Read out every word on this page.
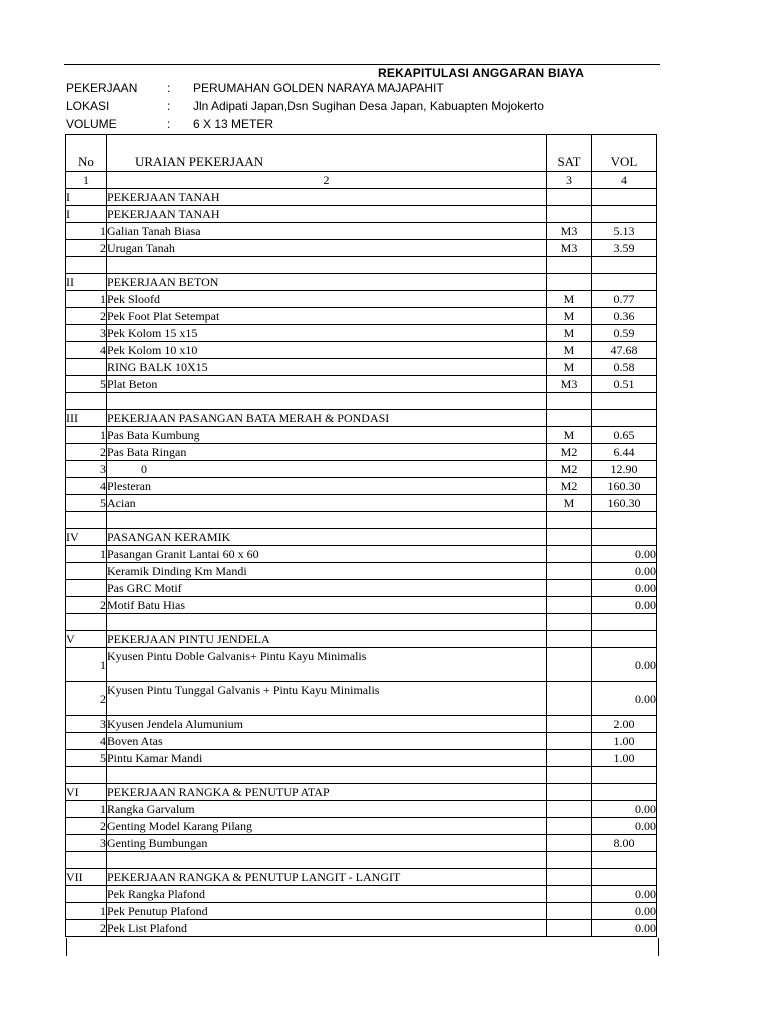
REKAPITULASI ANGGARAN BIAYA
PEKERJAAN : PERUMAHAN GOLDEN NARAYA MAJAPAHIT
LOKASI	: Jln Adipati Japan,Dsn Sugihan Desa Japan, Kabuapten Mojokerto
VOLUME	: 6 X 13 METER
No	URAIAN PEKERJAAN	SAT	VOL
1	2	3	4
I	PEKERJAAN TANAH		
I	PEKERJAAN TANAH		
1	Galian Tanah Biasa	M3	5.13
2	Urugan Tanah	M3	3.59

II	PEKERJAAN BETON		
1	Pek Sloofd	M	0.77
2	Pek Foot Plat Setempat	M	0.36
3	Pek Kolom 15 x15	M	0.59
4	Pek Kolom 10 x10	M	47.68
	RING BALK 10X15	M	0.58
5	Plat Beton	M3	0.51

III	PEKERJAAN PASANGAN BATA MERAH & PONDASI		
1	Pas Bata Kumbung	M	0.65
2	Pas Bata Ringan	M2	6.44
3	0	M2	12.90
4	Plesteran	M2	160.30
5	Acian	M	160.30

IV	PASANGAN KERAMIK		
1	Pasangan Granit Lantai 60 x 60		0.00
	Keramik Dinding Km Mandi		0.00
	Pas GRC Motif		0.00
2	Motif Batu Hias		0.00

V	PEKERJAAN PINTU JENDELA		
1	Kyusen Pintu Doble Galvanis+ Pintu Kayu Minimalis		0.00
2	Kyusen Pintu Tunggal Galvanis + Pintu Kayu Minimalis		0.00
3	Kyusen Jendela Alumunium		2.00
4	Boven Atas		1.00
5	Pintu Kamar Mandi		1.00

VI	PEKERJAAN RANGKA & PENUTUP ATAP		
1	Rangka Garvalum		0.00
2	Genting Model Karang Pilang		0.00
3	Genting Bumbungan		8.00

VII	PEKERJAAN RANGKA & PENUTUP LANGIT - LANGIT		
	Pek Rangka Plafond		0.00
1	Pek Penutup Plafond		0.00
2	Pek List Plafond		0.00
